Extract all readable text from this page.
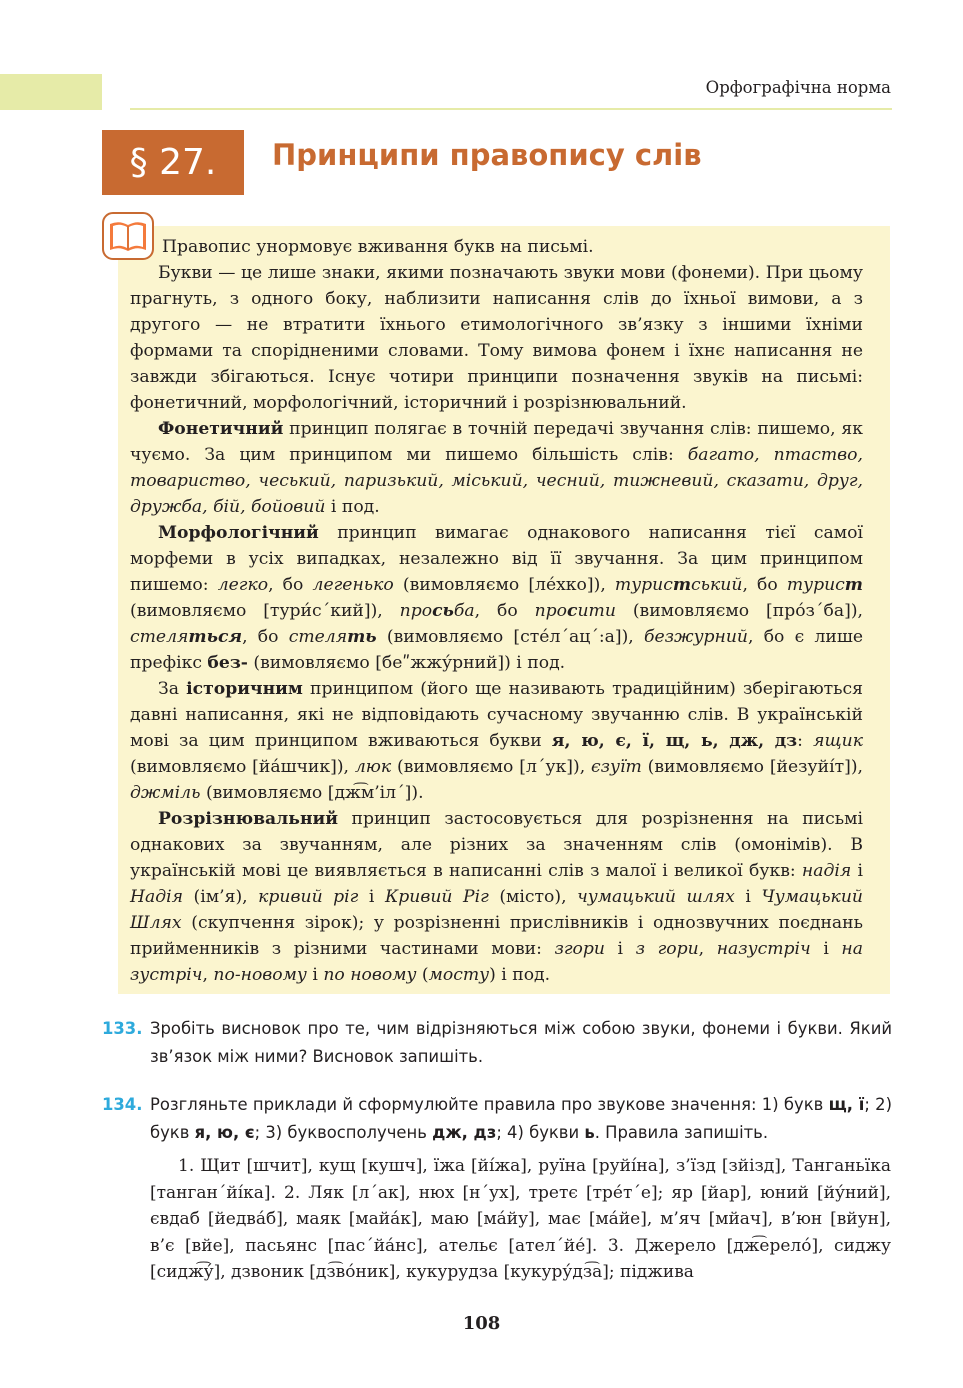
Орфографічна норма
§ 27.	Принципи правопису слів

Правопис унормовує вживання букв на письмі.

Букви — це лише знаки, якими позначають звуки мови (фонеми). При цьому прагнуть, з одного боку, наблизити написання слів до їхньої вимови, а з другого — не втратити їхнього етимологічного зв’язку з іншими їхніми формами та спорідненими словами. Тому вимова фонем і їхнє написання не завжди збігаються. Існує чотири принципи позначення звуків на письмі: фонетичний, морфологічний, історичний і розрізнювальний.

Фонетичний принцип полягає в точній передачі звучання слів: пишемо, як чуємо. За цим принципом ми пишемо більшість слів: багато, птаство, товариство, чеський, паризький, міський, чесний, тижневий, сказати, друг, дружба, бій, бойовий і под.

Морфологічний принцип вимагає однакового написання тієї самої морфеми в усіх випадках, незалежно від її звучання. За цим принципом пишемо: легко, бо легенько (вимовляємо [ле́хко]), туристський, бо турист (вимовляємо [тури́с´кий]), просьба, бо просити (вимовляємо [про́з´ба]), стеляться, бо стелять (вимовляємо [сте́л´ац´:а]), безжурний, бо є лише префікс без- (вимовляємо [беʺжжу́рний]) і под.

За історичним принципом (його ще називають традиційним) зберігаються давні написання, які не відповідають сучасному звучанню слів. В українській мові за цим принципом вживаються букви я, ю, є, ї, щ, ь, дж, дз: ящик (вимовляємо [йа́шчик]), люк (вимовляємо [л´ук]), єзуїт (вимовляємо [йезуйі́т]), джміль (вимовляємо [дж͡м’іл´]).

Розрізнювальний принцип застосовується для розрізнення на письмі однакових за звучанням, але різних за значенням слів (омонімів). В українській мові це виявляється в написанні слів з малої і великої букв: надія і Надія (ім’я), кривий ріг і Кривий Ріг (місто), чумацький шлях і Чумацький Шлях (скупчення зірок); у розрізненні прислівників і однозвучних поєднань прийменників з різними частинами мови: згори і з гори, назустріч і на зустріч, по-новому і по новому (мосту) і под.

133. Зробіть висновок про те, чим відрізняються між собою звуки, фонеми і букви. Який зв’язок між ними? Висновок запишіть.
134. Розгляньте приклади й сформулюйте правила про звукове значення: 1) букв щ, ї; 2) букв я, ю, є; 3) буквосполучень дж, дз; 4) букви ь. Правила запишіть.

1. Щит [шчит], кущ [кушч], їжа [йі́жа], руїна [руйі́на], з’їзд [зйізд], Танганьїка [танган´йі́ка]. 2. Ляк [л´ак], нюх [н´ух], третє [тре́т´е]; яр [йар], юний [йу́ний], євдаб [йедва́б], маяк [майа́к], маю [ма́йу], має [ма́йе], м’яч [мйач], в’юн [вйун], в’є [вйе], пасьянс [пас´йа́нс], ательє [ател´йе́]. 3. Джерело [дж͡ерело́], сиджу [сидж͡у́], дзвоник [дз͡во́ник], кукурудза [кукуру́дз͡а]; піджива

108
